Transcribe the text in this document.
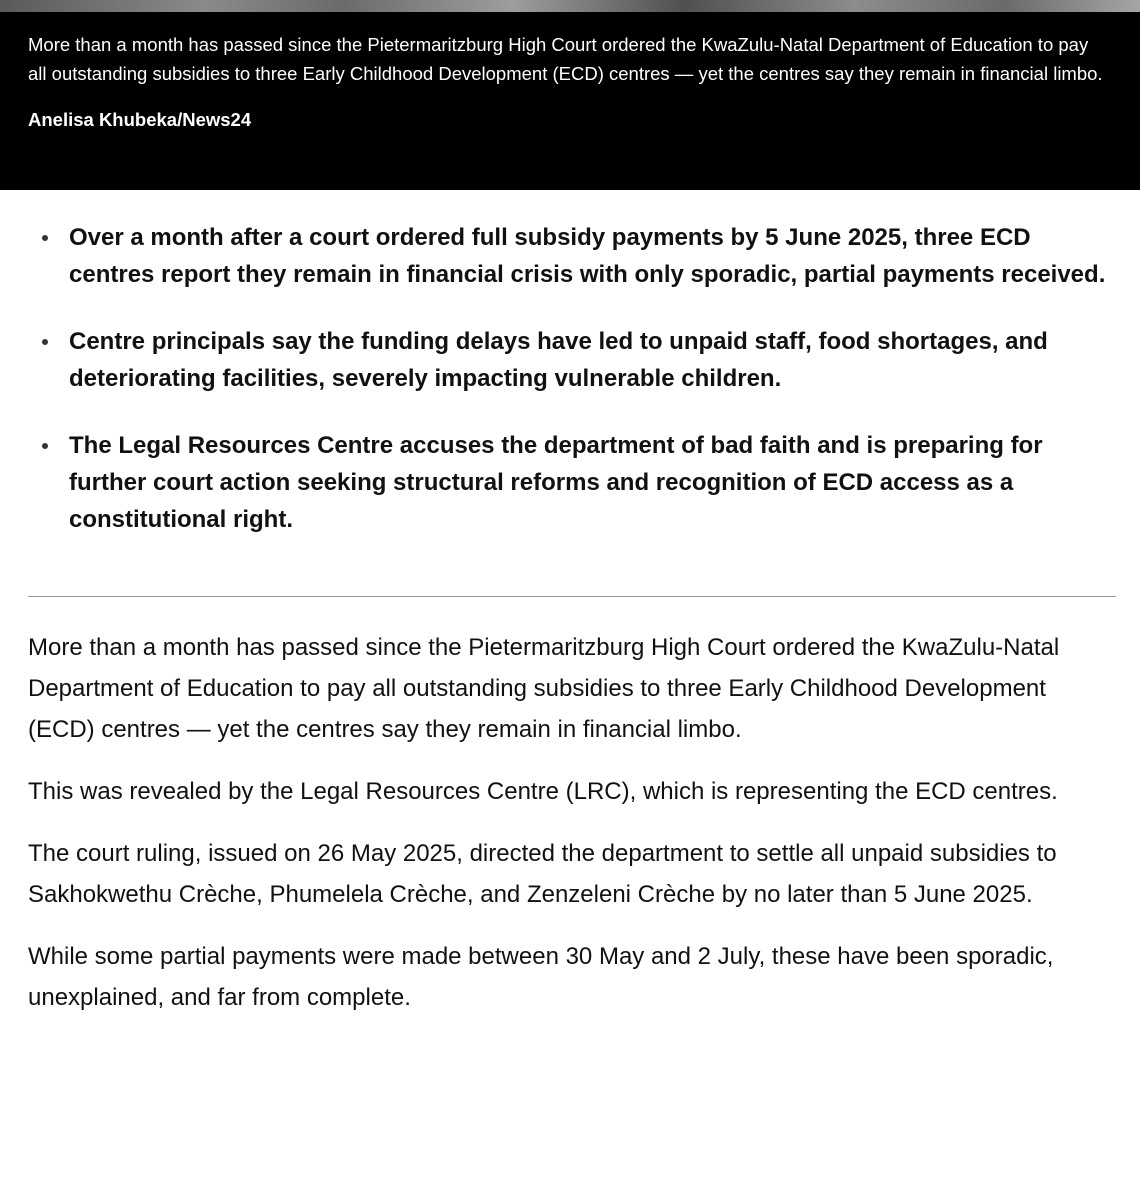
More than a month has passed since the Pietermaritzburg High Court ordered the KwaZulu-Natal Department of Education to pay all outstanding subsidies to three Early Childhood Development (ECD) centres — yet the centres say they remain in financial limbo.

Anelisa Khubeka/News24
Over a month after a court ordered full subsidy payments by 5 June 2025, three ECD centres report they remain in financial crisis with only sporadic, partial payments received.
Centre principals say the funding delays have led to unpaid staff, food shortages, and deteriorating facilities, severely impacting vulnerable children.
The Legal Resources Centre accuses the department of bad faith and is preparing for further court action seeking structural reforms and recognition of ECD access as a constitutional right.

More than a month has passed since the Pietermaritzburg High Court ordered the KwaZulu-Natal Department of Education to pay all outstanding subsidies to three Early Childhood Development (ECD) centres — yet the centres say they remain in financial limbo.

This was revealed by the Legal Resources Centre (LRC), which is representing the ECD centres.

The court ruling, issued on 26 May 2025, directed the department to settle all unpaid subsidies to Sakhokwethu Crèche, Phumelela Crèche, and Zenzeleni Crèche by no later than 5 June 2025.

While some partial payments were made between 30 May and 2 July, these have been sporadic, unexplained, and far from complete.
